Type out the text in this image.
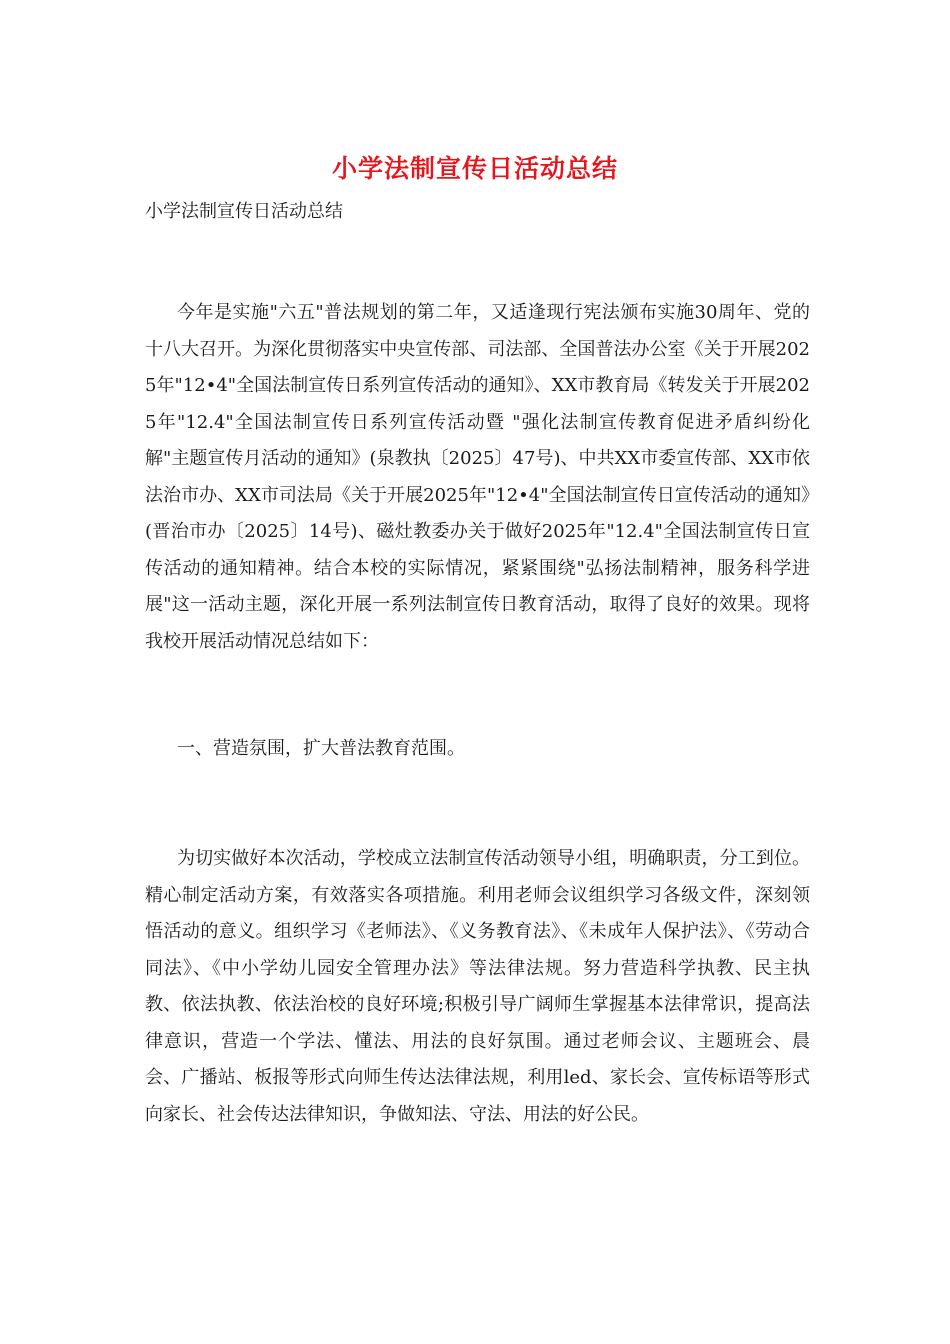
小学法制宣传日活动总结

小学法制宣传日活动总结

今年是实施"六五"普法规划的第二年，又适逢现行宪法颁布实施30周年、党的十八大召开。为深化贯彻落实中央宣传部、司法部、全国普法办公室《关于开展2025年"12•4"全国法制宣传日系列宣传活动的通知》、XX市教育局《转发关于开展2025年"12.4"全国法制宣传日系列宣传活动暨 "强化法制宣传教育促进矛盾纠纷化解"主题宣传月活动的通知》(泉教执〔2025〕47号)、中共XX市委宣传部、XX市依法治市办、XX市司法局《关于开展2025年"12•4"全国法制宣传日宣传活动的通知》(晋治市办〔2025〕14号)、磁灶教委办关于做好2025年"12.4"全国法制宣传日宣传活动的通知精神。结合本校的实际情况，紧紧围绕"弘扬法制精神，服务科学进展"这一活动主题，深化开展一系列法制宣传日教育活动，取得了良好的效果。现将我校开展活动情况总结如下：

一、营造氛围，扩大普法教育范围。

为切实做好本次活动，学校成立法制宣传活动领导小组，明确职责，分工到位。精心制定活动方案，有效落实各项措施。利用老师会议组织学习各级文件，深刻领悟活动的意义。组织学习《老师法》、《义务教育法》、《未成年人保护法》、《劳动合同法》、《中小学幼儿园安全管理办法》等法律法规。努力营造科学执教、民主执教、依法执教、依法治校的良好环境;积极引导广阔师生掌握基本法律常识，提高法律意识，营造一个学法、懂法、用法的良好氛围。通过老师会议、主题班会、晨会、广播站、板报等形式向师生传达法律法规，利用led、家长会、宣传标语等形式向家长、社会传达法律知识，争做知法、守法、用法的好公民。
